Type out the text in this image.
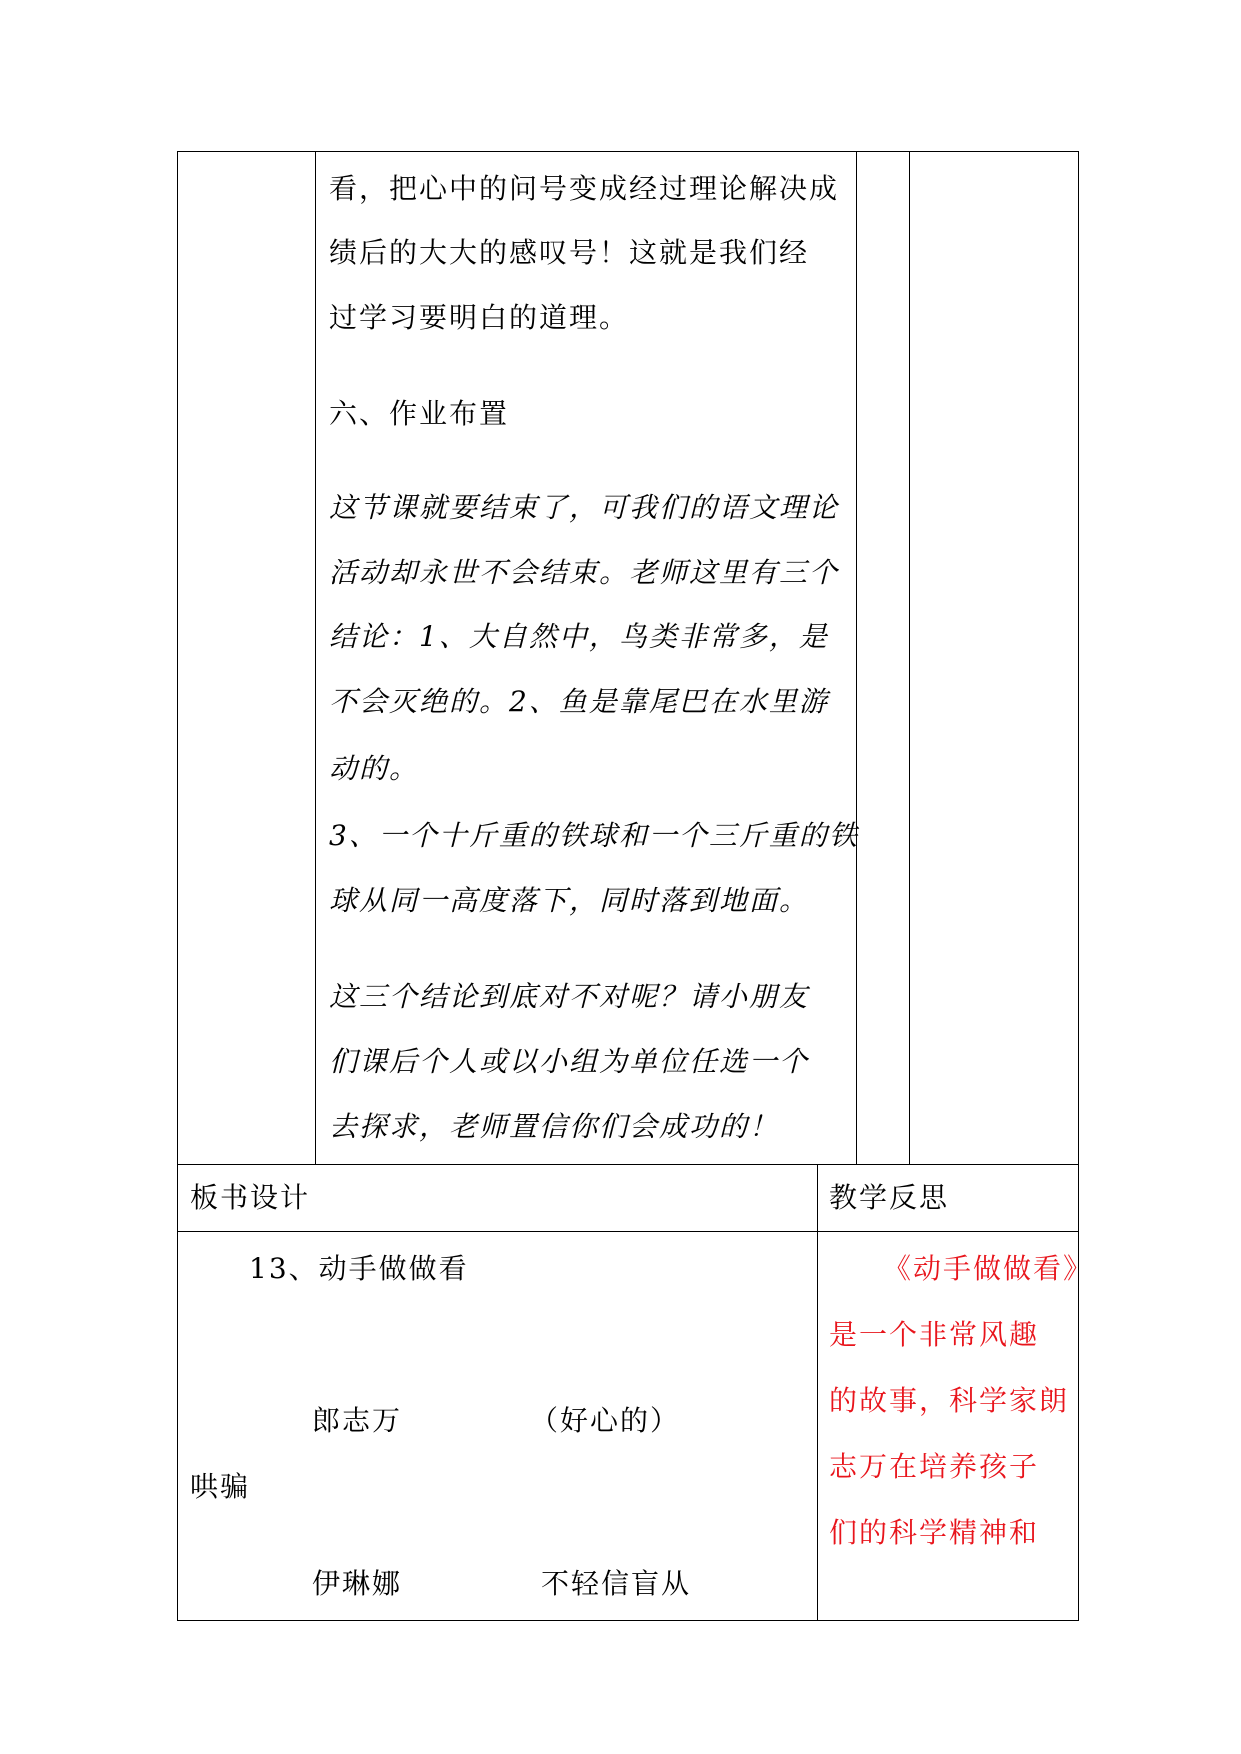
看，把心中的问号变成经过理论解决成
绩后的大大的感叹号！这就是我们经
过学习要明白的道理。
六、作业布置
这节课就要结束了，可我们的语文理论
活动却永世不会结束。老师这里有三个
结论：1、大自然中，鸟类非常多，是
不会灭绝的。2、鱼是靠尾巴在水里游
动的。
3、一个十斤重的铁球和一个三斤重的铁
球从同一高度落下，同时落到地面。
这三个结论到底对不对呢？请小朋友
们课后个人或以小组为单位任选一个
去探求，老师置信你们会成功的！
板书设计	教学反思
13、动手做做看
郎志万	（好心的）
哄骗
伊琳娜	不轻信盲从
《动手做做看》
是一个非常风趣
的故事，科学家朗
志万在培养孩子
们的科学精神和
